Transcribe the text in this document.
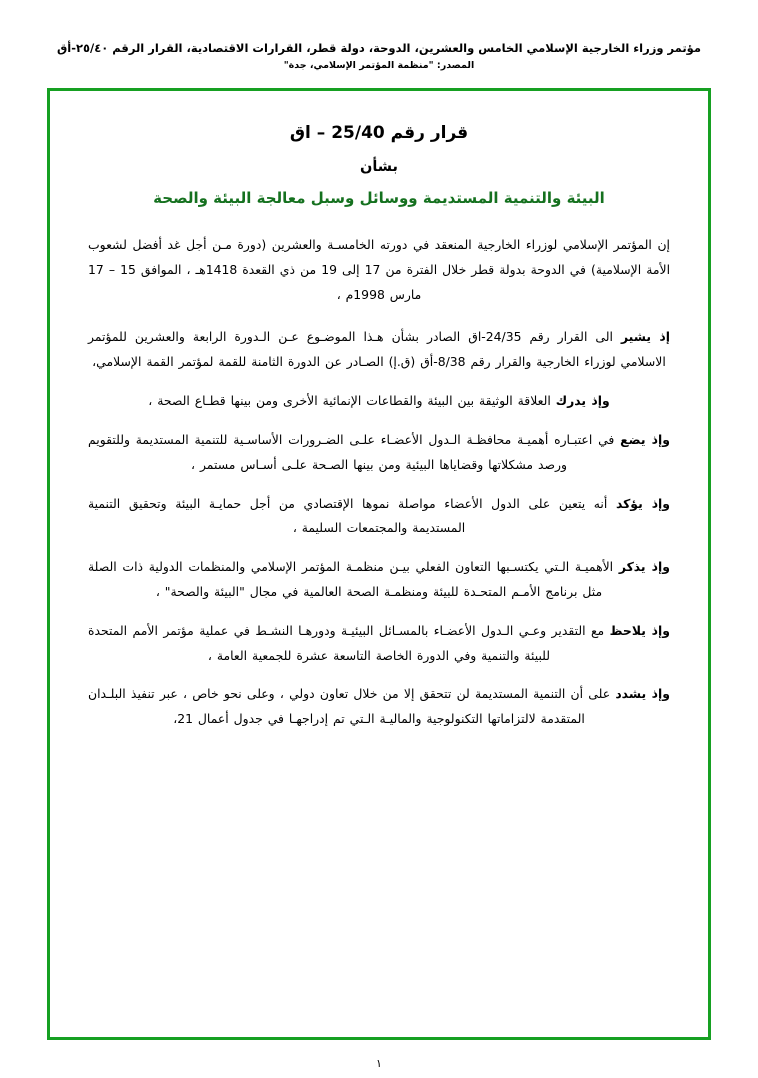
مؤتمر وزراء الخارجية الإسلامي الخامس والعشرين، الدوحة، دولة قطر، القرارات الاقتصادية، القرار الرقم ٢٥/٤٠-أق
المصدر: "منظمة المؤتمر الإسلامي، جدة"
قرار رقم 25/40 – اق
بشأن
البيئة والتنمية المستديمة ووسائل وسبل معالجة البيئة والصحة

إن المؤتمر الإسلامي لوزراء الخارجية المنعقد في دورته الخامسـة والعشرين (دورة مـن أجل غد أفضل لشعوب الأمة الإسلامية) في الدوحة بدولة قطر خلال الفترة من 17 إلى 19 من ذي القعدة 1418هـ ، الموافق 15 – 17 مارس 1998م ،

إذ يشير الى القرار رقم 24/35-اق الصادر بشأن هـذا الموضـوع عـن الـدورة الرابعة والعشرين للمؤتمر الاسلامي لوزراء الخارجية والقرار رقم 8/38-أق (ق.إ) الصـادر عن الدورة الثامنة للقمة لمؤتمر القمة الإسلامي،

وإذ يدرك العلاقة الوثيقة بين البيئة والقطاعات الإنمائية الأخرى ومن بينها قطـاع الصحة ،

وإذ يضع في اعتبـاره أهميـة محافظـة الـدول الأعضـاء علـى الضـرورات الأساسـية للتنمية المستديمة وللتقويم ورصد مشكلاتها وقضاياها البيئية ومن بينها الصـحة علـى أسـاس مستمر ،

وإذ يؤكد أنه يتعين على الدول الأعضاء مواصلة نموها الإقتصادي من أجل حمايـة البيئة وتحقيق التنمية المستديمة والمجتمعات السليمة ،

وإذ يذكر الأهميـة الـتي يكتسـبها التعاون الفعلي بيـن منظمـة المؤتمر الإسلامي والمنظمات الدولية ذات الصلة مثل برنامج الأمـم المتحـدة للبيئة ومنظمـة الصحة العالمية في مجال "البيئة والصحة" ،

وإذ يلاحظ مع التقدير وعـي الـدول الأعضـاء بالمسـائل البيئيـة ودورهـا النشـط في عملية مؤتمر الأمم المتحدة للبيئة والتنمية وفي الدورة الخاصة التاسعة عشرة للجمعية العامة ،

وإذ يشدد على أن التنمية المستديمة لن تتحقق إلا من خلال تعاون دولي ، وعلى نحو خاص ، عبر تنفيذ البلـدان المتقدمة لالتزاماتها التكنولوجية والماليـة الـتي تم إدراجهـا في جدول أعمال 21،

١
